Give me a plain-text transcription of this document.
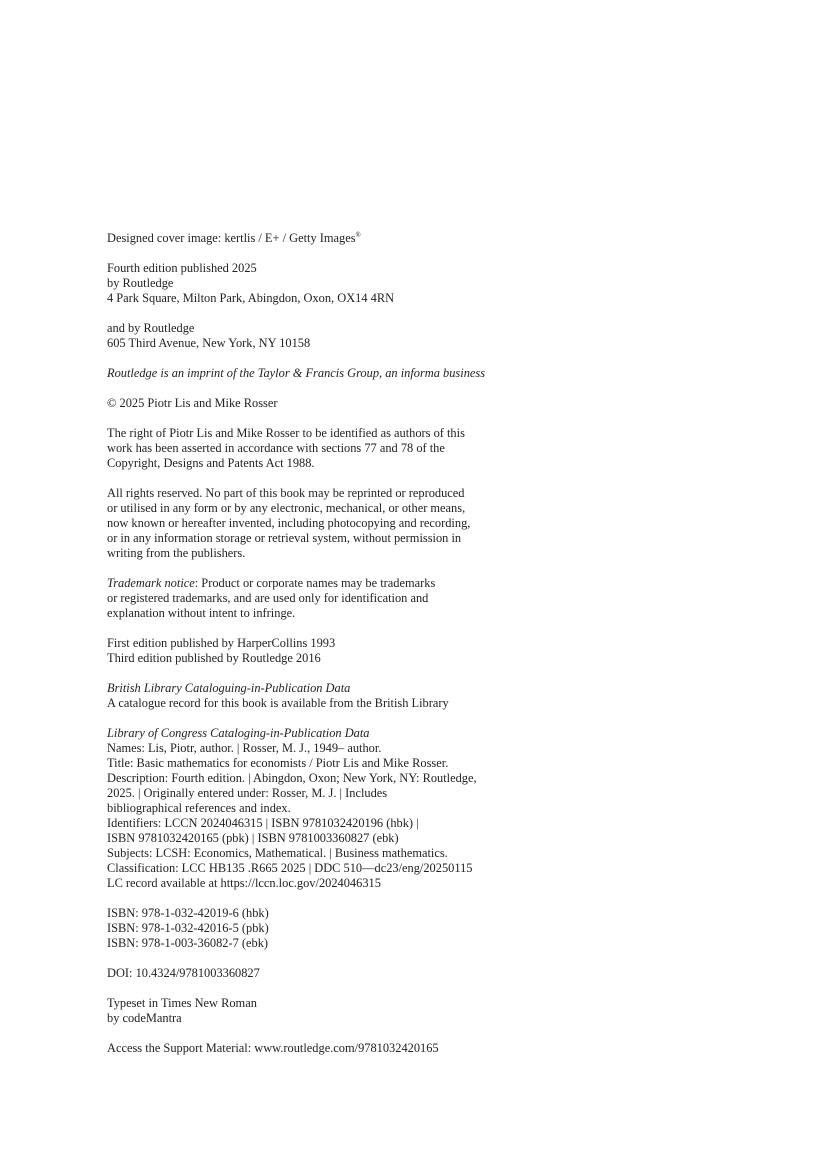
Designed cover image: kertlis / E+ / Getty Images®
Fourth edition published 2025
by Routledge
4 Park Square, Milton Park, Abingdon, Oxon, OX14 4RN
and by Routledge
605 Third Avenue, New York, NY 10158
Routledge is an imprint of the Taylor & Francis Group, an informa business
© 2025 Piotr Lis and Mike Rosser
The right of Piotr Lis and Mike Rosser to be identified as authors of this
work has been asserted in accordance with sections 77 and 78 of the
Copyright, Designs and Patents Act 1988.
All rights reserved. No part of this book may be reprinted or reproduced
or utilised in any form or by any electronic, mechanical, or other means,
now known or hereafter invented, including photocopying and recording,
or in any information storage or retrieval system, without permission in
writing from the publishers.
Trademark notice: Product or corporate names may be trademarks
or registered trademarks, and are used only for identification and
explanation without intent to infringe.
First edition published by HarperCollins 1993
Third edition published by Routledge 2016
British Library Cataloguing-in-Publication Data
A catalogue record for this book is available from the British Library
Library of Congress Cataloging-in-Publication Data
Names: Lis, Piotr, author. | Rosser, M. J., 1949– author.
Title: Basic mathematics for economists / Piotr Lis and Mike Rosser.
Description: Fourth edition. | Abingdon, Oxon; New York, NY: Routledge,
2025. | Originally entered under: Rosser, M. J. | Includes
bibliographical references and index.
Identifiers: LCCN 2024046315 | ISBN 9781032420196 (hbk) |
ISBN 9781032420165 (pbk) | ISBN 9781003360827 (ebk)
Subjects: LCSH: Economics, Mathematical. | Business mathematics.
Classification: LCC HB135 .R665 2025 | DDC 510—dc23/eng/20250115
LC record available at https://lccn.loc.gov/2024046315
ISBN: 978-1-032-42019-6 (hbk)
ISBN: 978-1-032-42016-5 (pbk)
ISBN: 978-1-003-36082-7 (ebk)
DOI: 10.4324/9781003360827
Typeset in Times New Roman
by codeMantra
Access the Support Material: www.routledge.com/9781032420165
